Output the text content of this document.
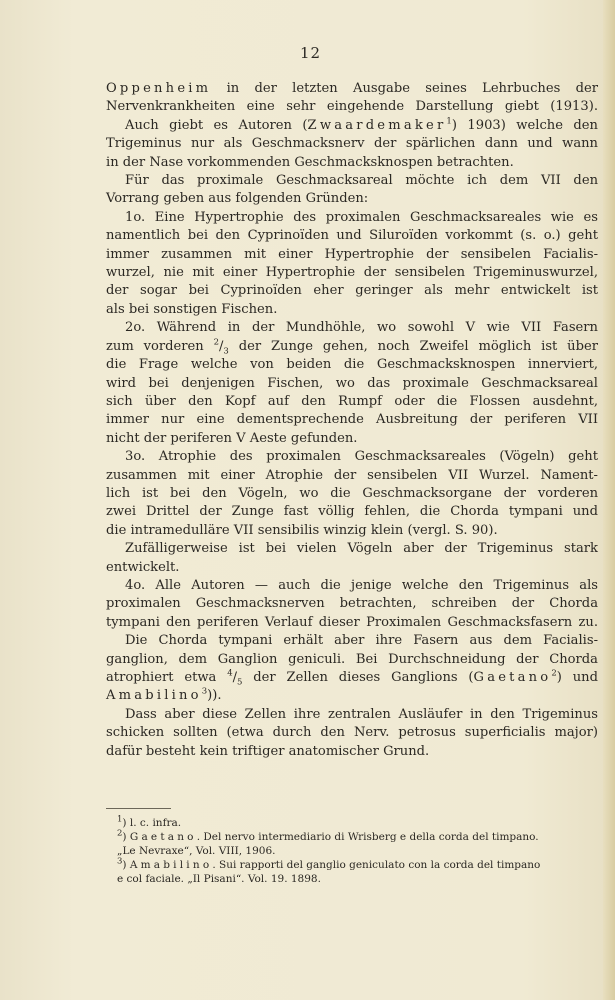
12
Oppenheim in der letzten Ausgabe seines Lehrbuches der
Nervenkrankheiten eine sehr eingehende Darstellung giebt (1913).
Auch giebt es Autoren (Zwaardemaker$^1$) 1903) welche den
Trigeminus nur als Geschmacksnerv der spärlichen dann und wann
in der Nase vorkommenden Geschmacksknospen betrachten.
Für das proximale Geschmacksareal möchte ich dem VII den
Vorrang geben aus folgenden Gründen:
1o. Eine Hypertrophie des proximalen Geschmacksareales wie es
namentlich bei den Cyprinoïden und Siluroïden vorkommt (s. o.) geht
immer zusammen mit einer Hypertrophie der sensibelen Facialis-
wurzel, nie mit einer Hypertrophie der sensibelen Trigeminuswurzel,
der sogar bei Cyprinoïden eher geringer als mehr entwickelt ist
als bei sonstigen Fischen.
2o. Während in der Mundhöhle, wo sowohl V wie VII Fasern
zum vorderen $^2/_3$ der Zunge gehen, noch Zweifel möglich ist über
die Frage welche von beiden die Geschmacksknospen innerviert,
wird bei denjenigen Fischen, wo das proximale Geschmacksareal
sich über den Kopf auf den Rumpf oder die Flossen ausdehnt,
immer nur eine dementsprechende Ausbreitung der periferen VII
nicht der periferen V Aeste gefunden.
3o. Atrophie des proximalen Geschmacksareales (Vögeln) geht
zusammen mit einer Atrophie der sensibelen VII Wurzel. Nament-
lich ist bei den Vögeln, wo die Geschmacksorgane der vorderen
zwei Drittel der Zunge fast völlig fehlen, die Chorda tympani und
die intramedulläre VII sensibilis winzig klein (vergl. S. 90).
Zufälligerweise ist bei vielen Vögeln aber der Trigeminus stark
entwickelt.
4o. Alle Autoren — auch die jenige welche den Trigeminus als
proximalen Geschmacksnerven betrachten, schreiben der Chorda
tympani den periferen Verlauf dieser Proximalen Geschmacksfasern zu.
Die Chorda tympani erhält aber ihre Fasern aus dem Facialis-
ganglion, dem Ganglion geniculi. Bei Durchschneidung der Chorda
atrophiert etwa $^4/_5$ der Zellen dieses Ganglions (Gaetano$^2$) und
Amabilino$^3$)).
Dass aber diese Zellen ihre zentralen Ausläufer in den Trigeminus
schicken sollten (etwa durch den Nerv. petrosus superficialis major)
dafür besteht kein triftiger anatomischer Grund.
$^1$) l. c. infra.
$^2$) Gaetano. Del nervo intermediario di Wrisberg e della corda del timpano.
„Le Nevraxe“, Vol. VIII, 1906.
$^3$) Amabilino. Sui rapporti del ganglio geniculato con la corda del timpano
e col faciale. „Il Pisani“. Vol. 19. 1898.
